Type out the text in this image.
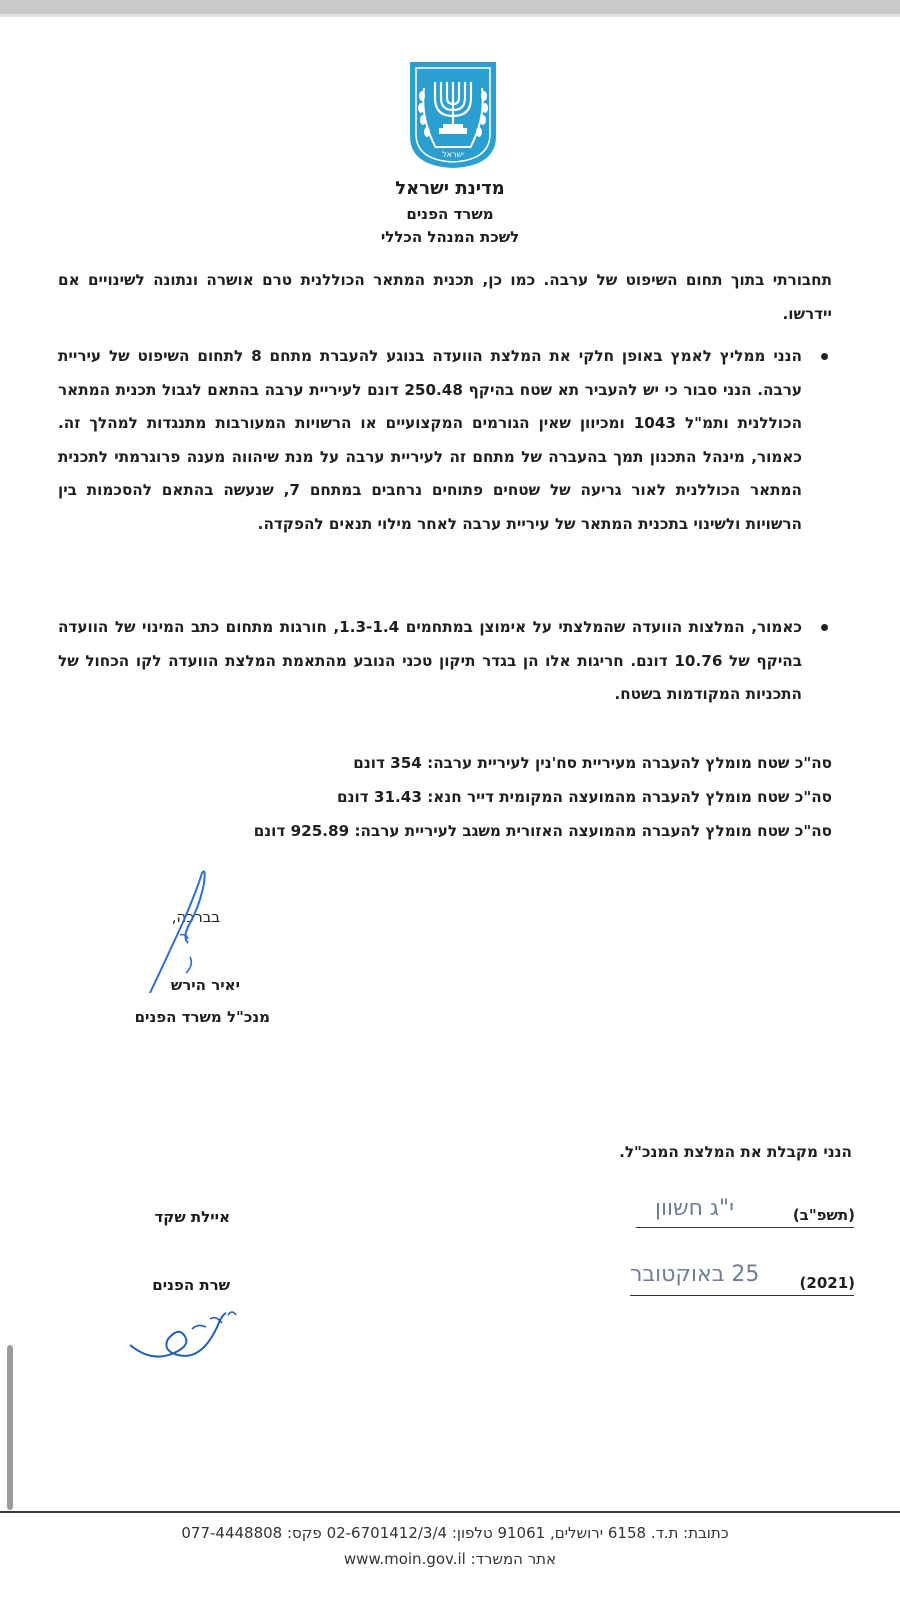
ישראל
מדינת ישראל
משרד הפנים
לשכת המנהל הכללי
תחבורתי בתוך תחום השיפוט של ערבה. כמו כן, תכנית המתאר הכוללנית טרם אושרה ונתונה לשינויים אם יידרשו.
הנני ממליץ לאמץ באופן חלקי את המלצת הוועדה בנוגע להעברת מתחם 8 לתחום השיפוט של עיריית ערבה. הנני סבור כי יש להעביר תא שטח בהיקף 250.48 דונם לעיריית ערבה בהתאם לגבול תכנית המתאר הכוללנית ותמ"ל 1043 ומכיוון שאין הגורמים המקצועיים או הרשויות המעורבות מתנגדות למהלך זה. כאמור, מינהל התכנון תמך בהעברה של מתחם זה לעיריית ערבה על מנת שיהווה מענה פרוגרמתי לתכנית המתאר הכוללנית לאור גריעה של שטחים פתוחים נרחבים במתחם 7, שנעשה בהתאם להסכמות בין הרשויות ולשינוי בתכנית המתאר של עיריית ערבה לאחר מילוי תנאים להפקדה.
כאמור, המלצות הוועדה שהמלצתי על אימוצן במתחמים 1.3-1.4, חורגות מתחום כתב המינוי של הוועדה בהיקף של 10.76 דונם. חריגות אלו הן בגדר תיקון טכני הנובע מהתאמת המלצת הוועדה לקו הכחול של התכניות המקודמות בשטח.
סה"כ שטח מומלץ להעברה מעיריית סח'נין לעיריית ערבה: 354 דונם
סה"כ שטח מומלץ להעברה מהמועצה המקומית דייר חנא: 31.43 דונם
סה"כ שטח מומלץ להעברה מהמועצה האזורית משגב לעיריית ערבה: 925.89 דונם
בברכה,
יאיר הירש
מנכ"ל משרד הפנים
הנני מקבלת את המלצת המנכ"ל.
(תשפ"ב)
י"ג חשוון
(2021)
25 באוקטובר
איילת שקד
שרת הפנים
כתובת: ת.ד. 6158 ירושלים, 91061 טלפון: 02-6701412/3/4 פקס: 077-4448808
אתר המשרד: www.moin.gov.il
